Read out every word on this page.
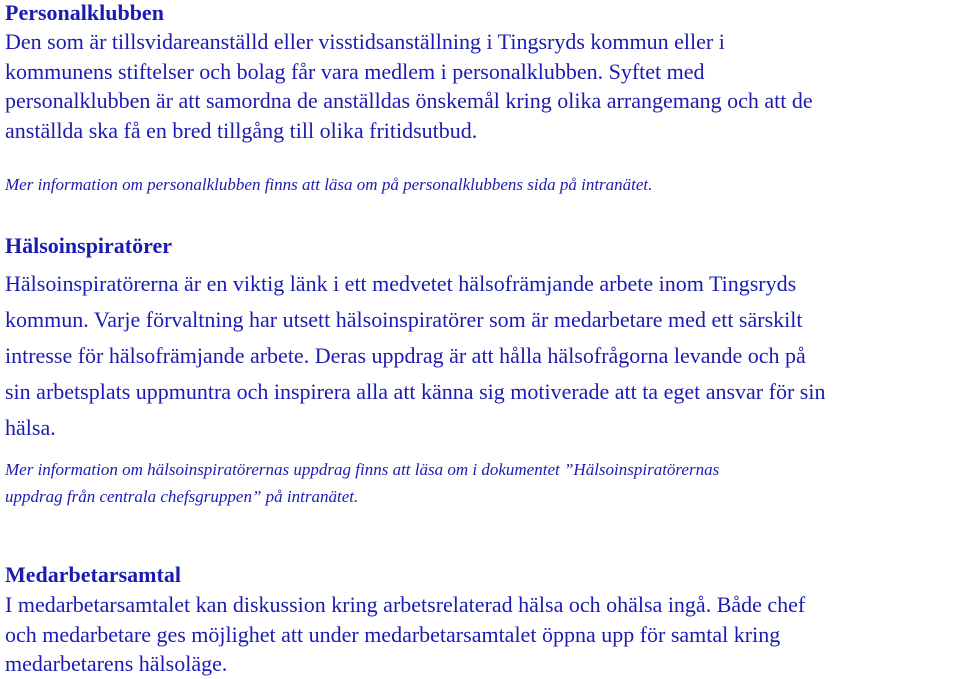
Personalklubben

Den som är tillsvidareanställd eller visstidsanställning i Tingsryds kommun eller i
kommunens stiftelser och bolag får vara medlem i personalklubben. Syftet med
personalklubben är att samordna de anställdas önskemål kring olika arrangemang och att de
anställda ska få en bred tillgång till olika fritidsutbud.

Mer information om personalklubben finns att läsa om på personalklubbens sida på intranätet.

Hälsoinspiratörer

Hälsoinspiratörerna är en viktig länk i ett medvetet hälsofrämjande arbete inom Tingsryds
kommun. Varje förvaltning har utsett hälsoinspiratörer som är medarbetare med ett särskilt
intresse för hälsofrämjande arbete. Deras uppdrag är att hålla hälsofrågorna levande och på
sin arbetsplats uppmuntra och inspirera alla att känna sig motiverade att ta eget ansvar för sin
hälsa.

Mer information om hälsoinspiratörernas uppdrag finns att läsa om i dokumentet ”Hälsoinspiratörernas
uppdrag från centrala chefsgruppen” på intranätet.

Medarbetarsamtal

I medarbetarsamtalet kan diskussion kring arbetsrelaterad hälsa och ohälsa ingå. Både chef
och medarbetare ges möjlighet att under medarbetarsamtalet öppna upp för samtal kring
medarbetarens hälsoläge.
